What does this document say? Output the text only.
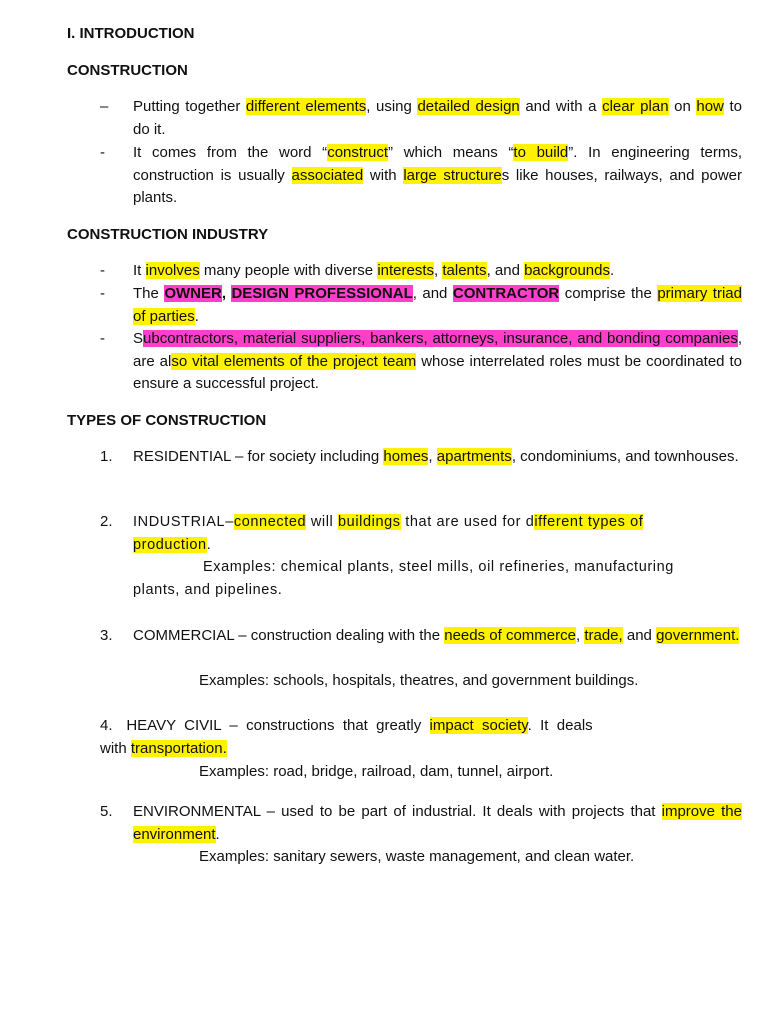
I. INTRODUCTION
CONSTRUCTION
– Putting together different elements, using detailed design and with a clear plan on how to do it.
- It comes from the word “construct” which means “to build”. In engineering terms, construction is usually associated with large structures like houses, railways, and power plants.
CONSTRUCTION INDUSTRY
- It involves many people with diverse interests, talents, and backgrounds.
- The OWNER, DESIGN PROFESSIONAL, and CONTRACTOR comprise the primary triad of parties.
- Subcontractors, material suppliers, bankers, attorneys, insurance, and bonding companies, are also vital elements of the project team whose interrelated roles must be coordinated to ensure a successful project.
TYPES OF CONSTRUCTION
1. RESIDENTIAL – for society including homes, apartments, condominiums, and townhouses.
2. INDUSTRIAL–connected will buildings that are used for different types of production.
Examples: chemical plants, steel mills, oil refineries, manufacturing
plants, and pipelines.
3. COMMERCIAL – construction dealing with the needs of commerce, trade, and government.
Examples: schools, hospitals, theatres, and government buildings.
4. HEAVY  CIVIL  –  constructions  that  greatly  impact  society.  It  deals
with transportation.
Examples: road, bridge, railroad, dam, tunnel, airport.
5. ENVIRONMENTAL – used to be part of industrial. It deals with projects that improve the environment.
Examples: sanitary sewers, waste management, and clean water.
